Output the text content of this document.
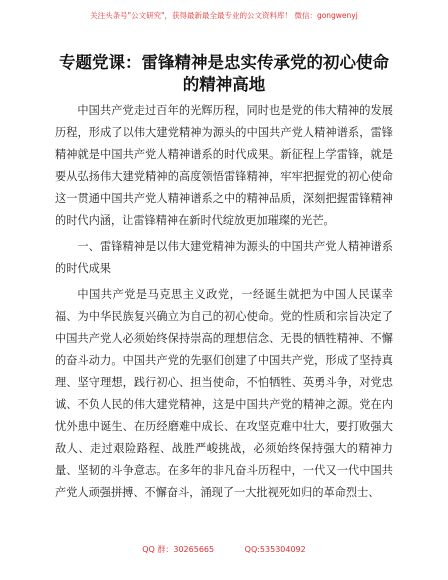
关注头条号"公文研究"，获得最新最全最专业的公文资料库！ 微信：gongwenyj
专题党课：雷锋精神是忠实传承党的初心使命
的精神高地

中国共产党走过百年的光辉历程，同时也是党的伟大精神的发展历程，形成了以伟大建党精神为源头的中国共产党人精神谱系，雷锋精神就是中国共产党人精神谱系的时代成果。新征程上学雷锋，就是要从弘扬伟大建党精神的高度领悟雷锋精神，牢牢把握党的初心使命这一贯通中国共产党人精神谱系之中的精神品质，深刻把握雷锋精神的时代内涵，让雷锋精神在新时代绽放更加璀璨的光芒。

一、雷锋精神是以伟大建党精神为源头的中国共产党人精神谱系的时代成果

中国共产党是马克思主义政党，一经诞生就把为中国人民谋幸福、为中华民族复兴确立为自己的初心使命。党的性质和宗旨决定了中国共产党人必须始终保持崇高的理想信念、无畏的牺牲精神、不懈的奋斗动力。中国共产党的先驱们创建了中国共产党，形成了坚持真理、坚守理想，践行初心、担当使命，不怕牺牲、英勇斗争，对党忠诚、不负人民的伟大建党精神，这是中国共产党的精神之源。党在内忧外患中诞生、在历经磨难中成长、在攻坚克难中壮大，要打败强大敌人、走过艰险路程、战胜严峻挑战，必须始终保持强大的精神力量、坚韧的斗争意志。在多年的非凡奋斗历程中，一代又一代中国共产党人顽强拼搏、不懈奋斗，涌现了一大批视死如归的革命烈士、

QQ 群：30265665	QQ:535304092
